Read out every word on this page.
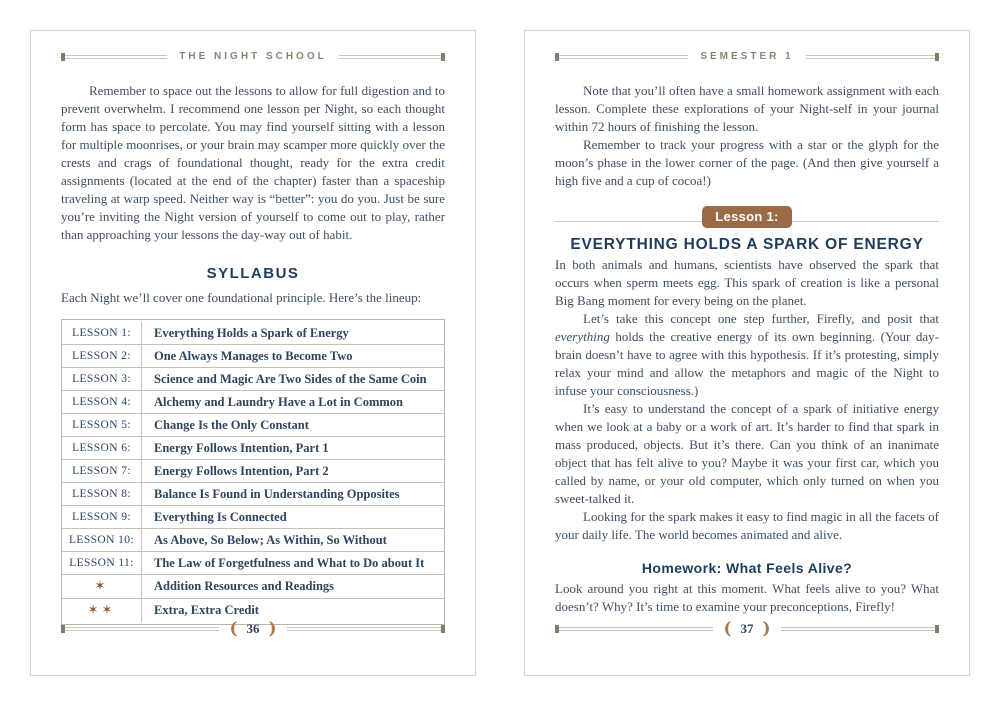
THE NIGHT SCHOOL

Remember to space out the lessons to allow for full digestion and to prevent overwhelm. I recommend one lesson per Night, so each thought form has space to percolate. You may find yourself sitting with a lesson for multiple moonrises, or your brain may scamper more quickly over the crests and crags of foundational thought, ready for the extra credit assignments (located at the end of the chapter) faster than a spaceship traveling at warp speed. Neither way is “better”: you do you. Just be sure you’re inviting the Night version of yourself to come out to play, rather than approaching your lessons the day-way out of habit.

SYLLABUS

Each Night we’ll cover one foundational principle. Here’s the lineup:

LESSON 1:	Everything Holds a Spark of Energy
LESSON 2:	One Always Manages to Become Two
LESSON 3:	Science and Magic Are Two Sides of the Same Coin
LESSON 4:	Alchemy and Laundry Have a Lot in Common
LESSON 5:	Change Is the Only Constant
LESSON 6:	Energy Follows Intention, Part 1
LESSON 7:	Energy Follows Intention, Part 2
LESSON 8:	Balance Is Found in Understanding Opposites
LESSON 9:	Everything Is Connected
LESSON 10:	As Above, So Below; As Within, So Without
LESSON 11:	The Law of Forgetfulness and What to Do about It
✶	Addition Resources and Readings
✶✶	Extra, Extra Credit
( 36 )
SEMESTER 1

Note that you’ll often have a small homework assignment with each lesson. Complete these explorations of your Night-self in your journal within 72 hours of finishing the lesson.

Remember to track your progress with a star or the glyph for the moon’s phase in the lower corner of the page. (And then give yourself a high five and a cup of cocoa!)

Lesson 1:
EVERYTHING HOLDS A SPARK OF ENERGY

In both animals and humans, scientists have observed the spark that occurs when sperm meets egg. This spark of creation is like a personal Big Bang moment for every being on the planet.

Let’s take this concept one step further, Firefly, and posit that everything holds the creative energy of its own beginning. (Your day-brain doesn’t have to agree with this hypothesis. If it’s protesting, simply relax your mind and allow the metaphors and magic of the Night to infuse your consciousness.)

It’s easy to understand the concept of a spark of initiative energy when we look at a baby or a work of art. It’s harder to find that spark in mass produced, objects. But it’s there. Can you think of an inanimate object that has felt alive to you? Maybe it was your first car, which you called by name, or your old computer, which only turned on when you sweet-talked it.

Looking for the spark makes it easy to find magic in all the facets of your daily life. The world becomes animated and alive.

Homework: What Feels Alive?

Look around you right at this moment. What feels alive to you? What doesn’t? Why? It’s time to examine your preconceptions, Firefly!

( 37 )
